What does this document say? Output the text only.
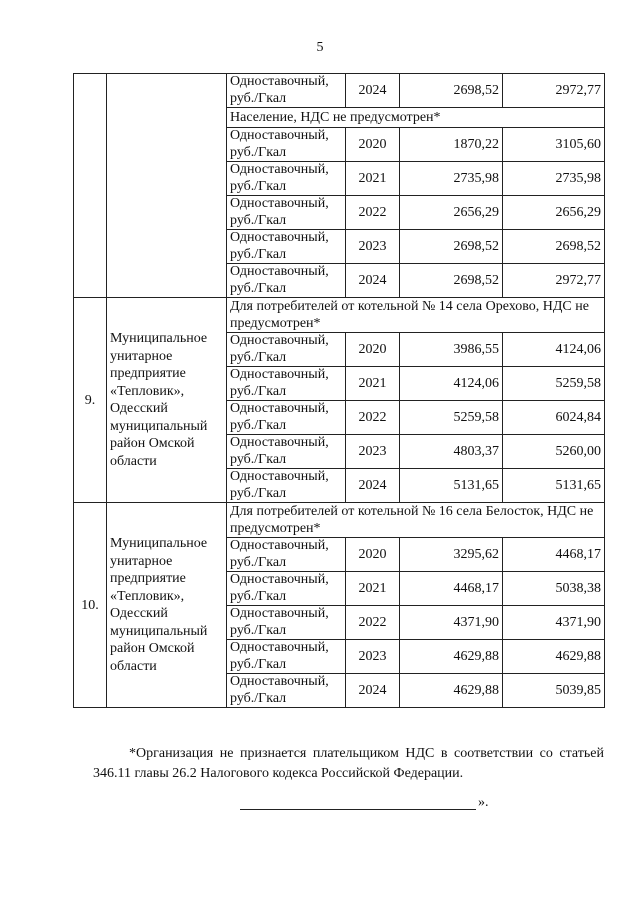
5
		Одноставочный, руб./Гкал	2024	2698,52	2972,77
		Население, НДС не предусмотрен*			
		Одноставочный, руб./Гкал	2020	1870,22	3105,60
		Одноставочный, руб./Гкал	2021	2735,98	2735,98
		Одноставочный, руб./Гкал	2022	2656,29	2656,29
		Одноставочный, руб./Гкал	2023	2698,52	2698,52
		Одноставочный, руб./Гкал	2024	2698,52	2972,77
9.	Муниципальное унитарное предприятие «Тепловик», Одесский муниципальный район Омской области	Для потребителей от котельной № 14 села Орехово, НДС не предусмотрен*			
		Одноставочный, руб./Гкал	2020	3986,55	4124,06
		Одноставочный, руб./Гкал	2021	4124,06	5259,58
		Одноставочный, руб./Гкал	2022	5259,58	6024,84
		Одноставочный, руб./Гкал	2023	4803,37	5260,00
		Одноставочный, руб./Гкал	2024	5131,65	5131,65
10.	Муниципальное унитарное предприятие «Тепловик», Одесский муниципальный район Омской области	Для потребителей от котельной № 16 села Белосток, НДС не предусмотрен*			
		Одноставочный, руб./Гкал	2020	3295,62	4468,17
		Одноставочный, руб./Гкал	2021	4468,17	5038,38
		Одноставочный, руб./Гкал	2022	4371,90	4371,90
		Одноставочный, руб./Гкал	2023	4629,88	4629,88
		Одноставочный, руб./Гкал	2024	4629,88	5039,85
*Организация не признается плательщиком НДС в соответствии со статьей 346.11 главы 26.2 Налогового кодекса Российской Федерации.
».
